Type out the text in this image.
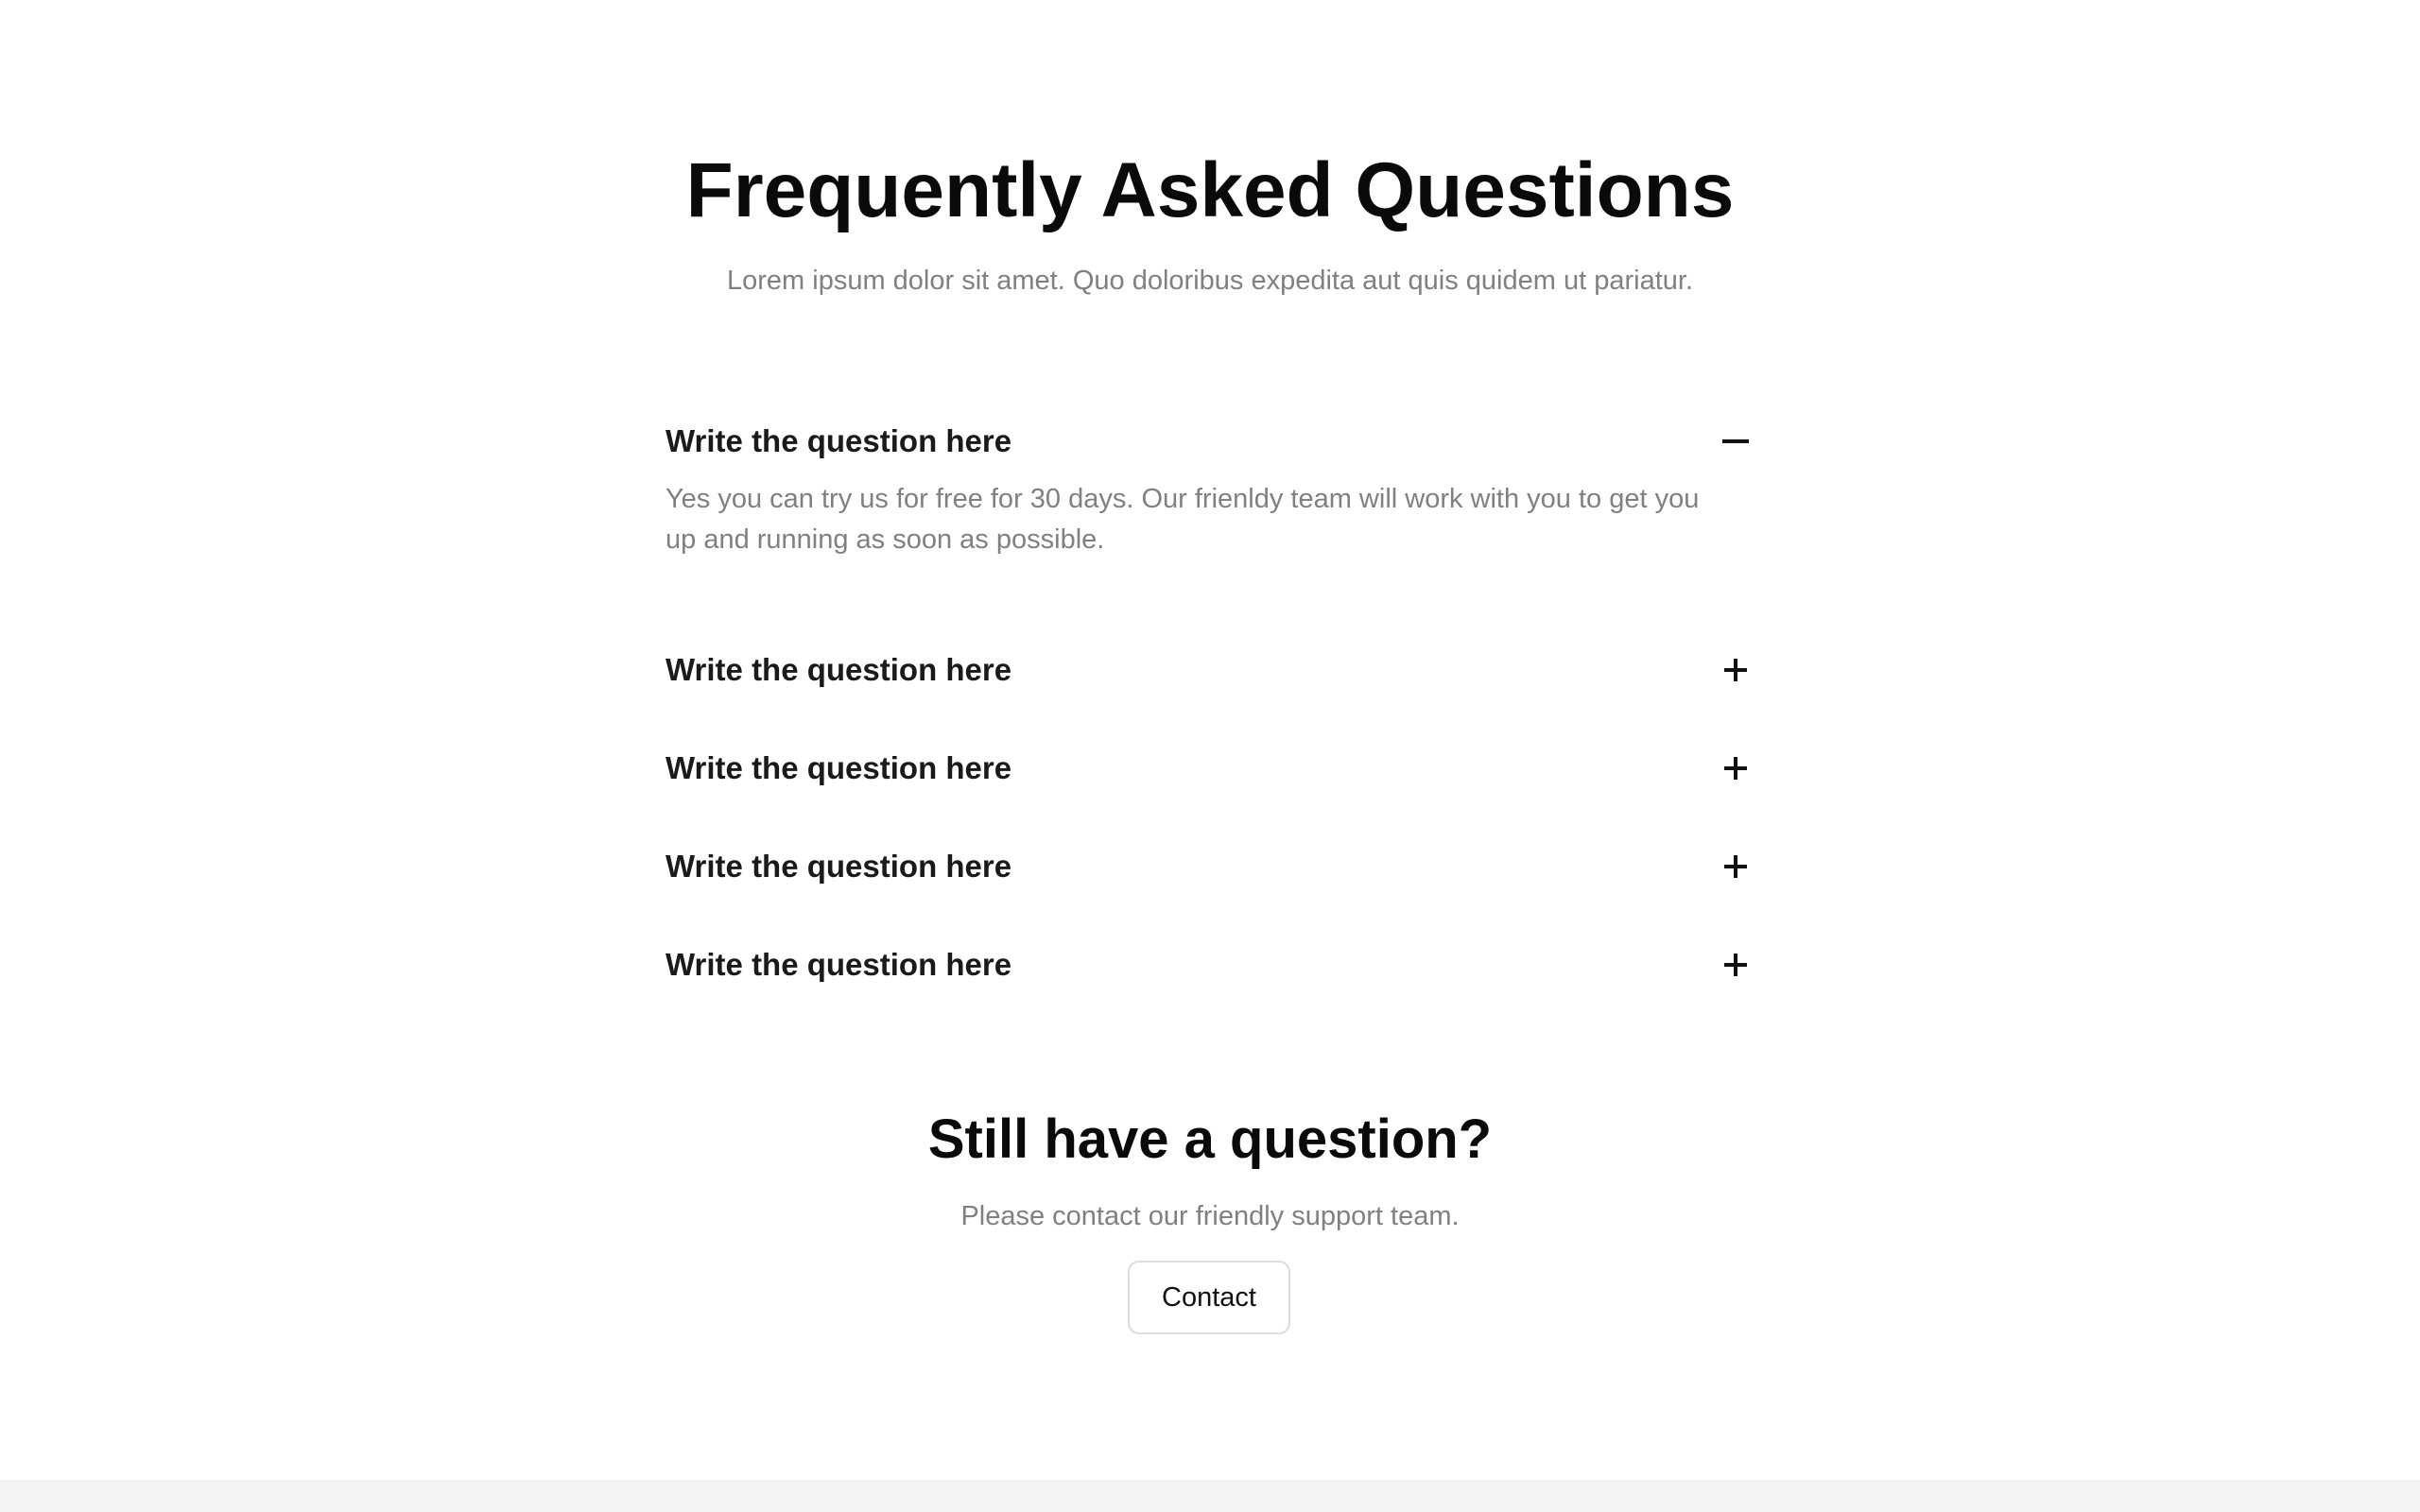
Frequently Asked Questions

Lorem ipsum dolor sit amet. Quo doloribus expedita aut quis quidem ut pariatur.

Write the question here

Yes you can try us for free for 30 days. Our frienldy team will work with you to get you up and running as soon as possible.

Write the question here
Write the question here
Write the question here
Write the question here
Still have a question?

Please contact our friendly support team.

Contact
